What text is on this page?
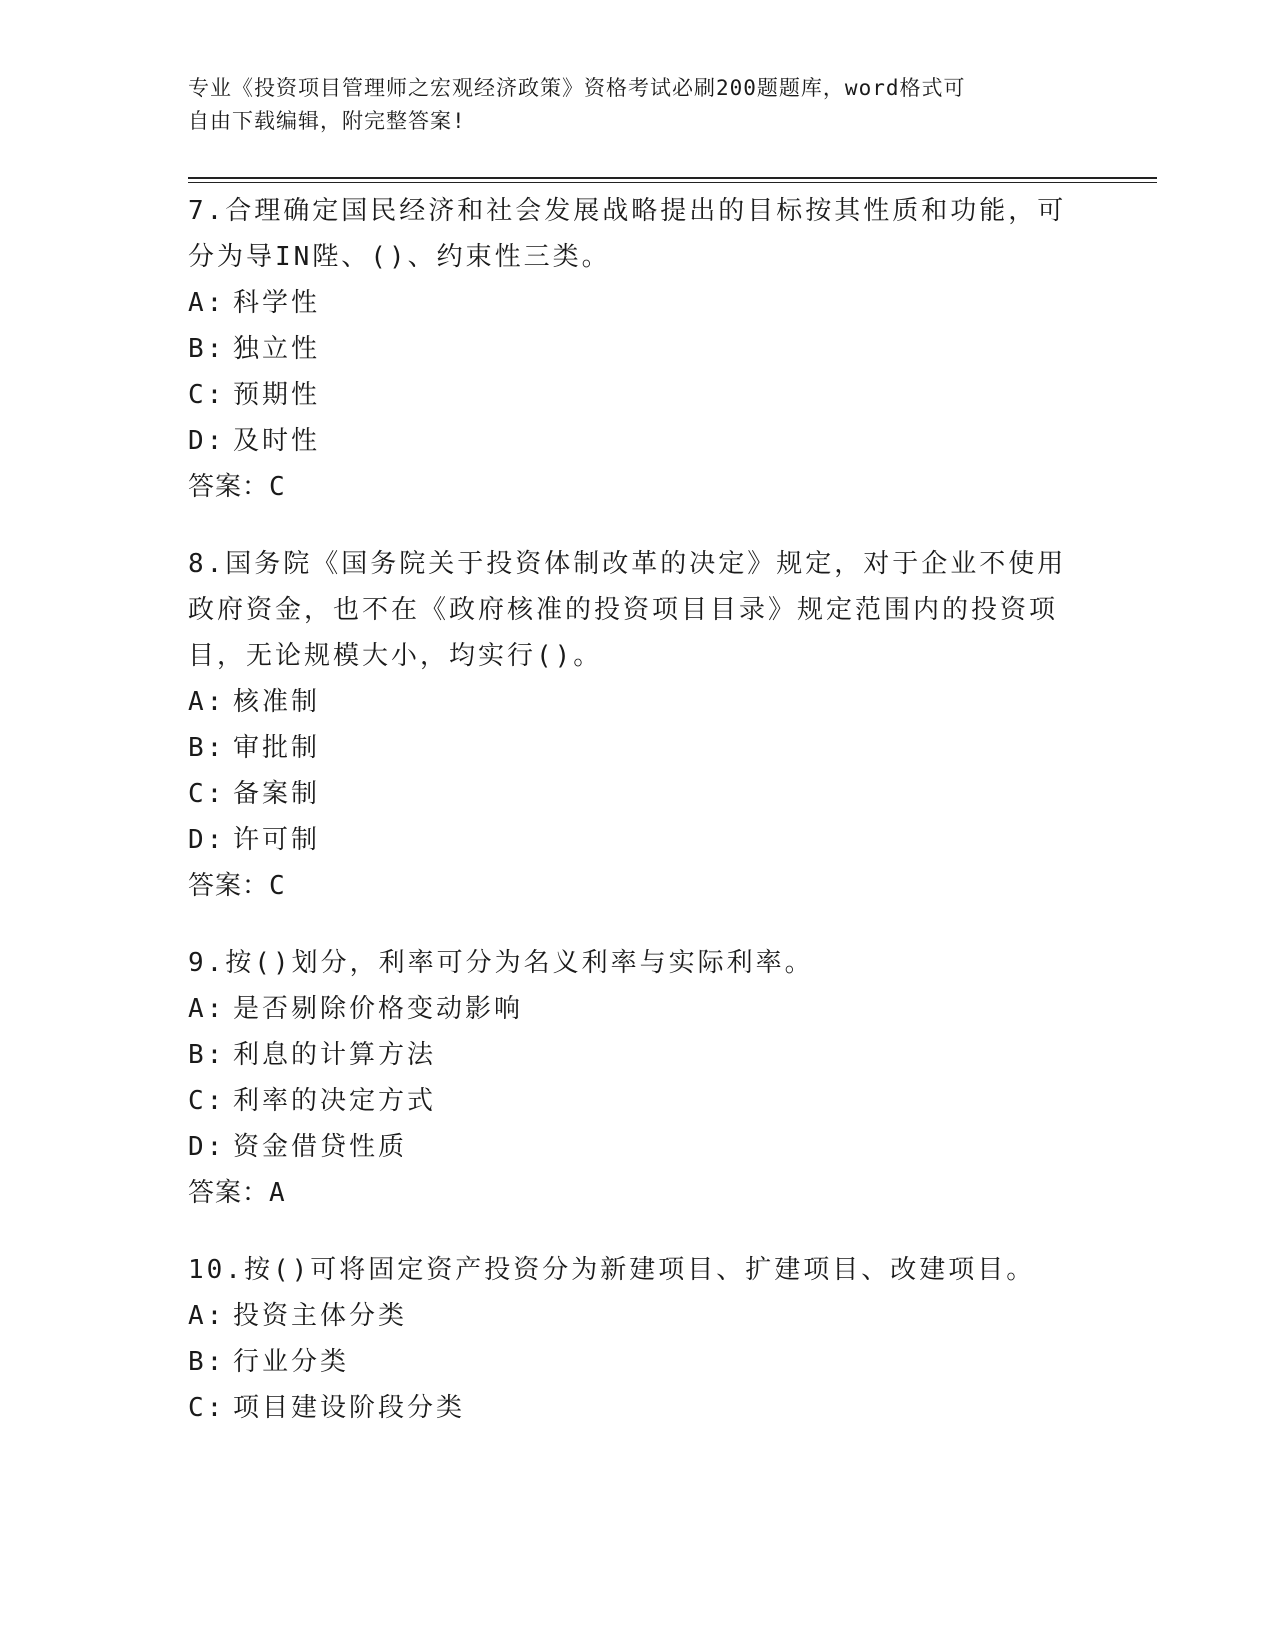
专业《投资项目管理师之宏观经济政策》资格考试必刷200题题库，word格式可
自由下载编辑，附完整答案!
7.合理确定国民经济和社会发展战略提出的目标按其性质和功能，可
分为导IN陛、()、约束性三类。
A: 科学性
B: 独立性
C: 预期性
D: 及时性
答案：C
8.国务院《国务院关于投资体制改革的决定》规定，对于企业不使用
政府资金，也不在《政府核准的投资项目目录》规定范围内的投资项
目，无论规模大小，均实行()。
A: 核准制
B: 审批制
C: 备案制
D: 许可制
答案：C
9.按()划分，利率可分为名义利率与实际利率。
A: 是否剔除价格变动影响
B: 利息的计算方法
C: 利率的决定方式
D: 资金借贷性质
答案：A
10.按()可将固定资产投资分为新建项目、扩建项目、改建项目。
A: 投资主体分类
B: 行业分类
C: 项目建设阶段分类
